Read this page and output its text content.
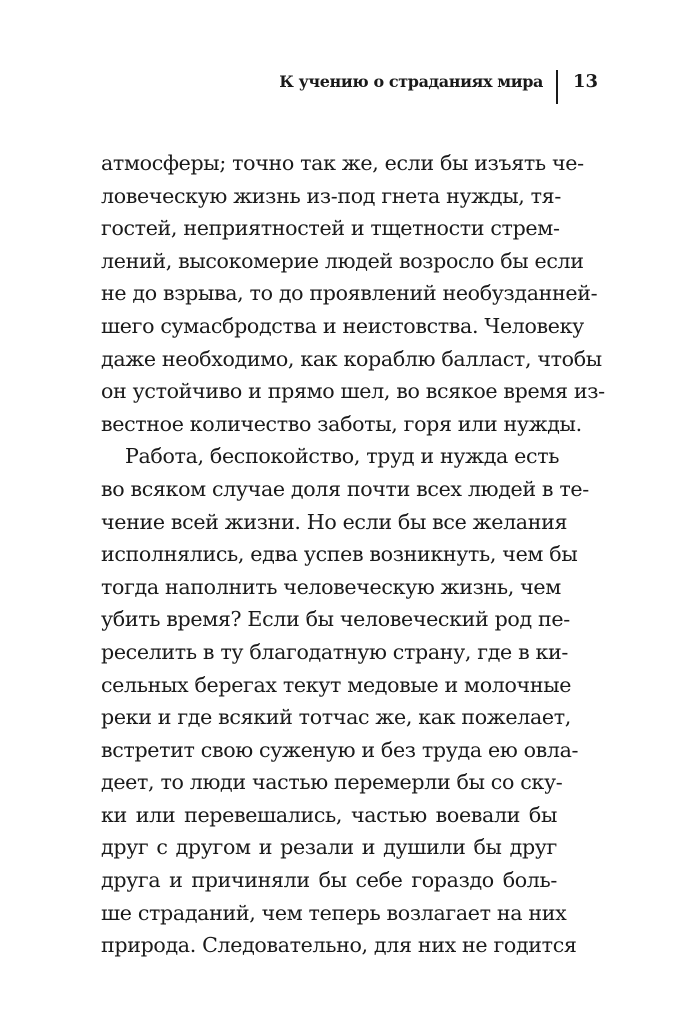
К учению о страданиях мира 13
атмосферы; точно так же, если бы изъять че-
ловеческую жизнь из-под гнета нужды, тя-
гостей, неприятностей и тщетности стрем-
лений, высокомерие людей возросло бы если
не до взрыва, то до проявлений необузданней-
шего сумасбродства и неистовства. Человеку
даже необходимо, как кораблю балласт, чтобы
он устойчиво и прямо шел, во всякое время из-
вестное количество заботы, горя или нужды.
Работа, беспокойство, труд и нужда есть
во всяком случае доля почти всех людей в те-
чение всей жизни. Но если бы все желания
исполнялись, едва успев возникнуть, чем бы
тогда наполнить человеческую жизнь, чем
убить время? Если бы человеческий род пе-
реселить в ту благодатную страну, где в ки-
сельных берегах текут медовые и молочные
реки и где всякий тотчас же, как пожелает,
встретит свою суженую и без труда ею овла-
деет, то люди частью перемерли бы со ску-
ки или перевешались, частью воевали бы
друг с другом и резали и душили бы друг
друга и причиняли бы себе гораздо боль-
ше страданий, чем теперь возлагает на них
природа. Следовательно, для них не годится
